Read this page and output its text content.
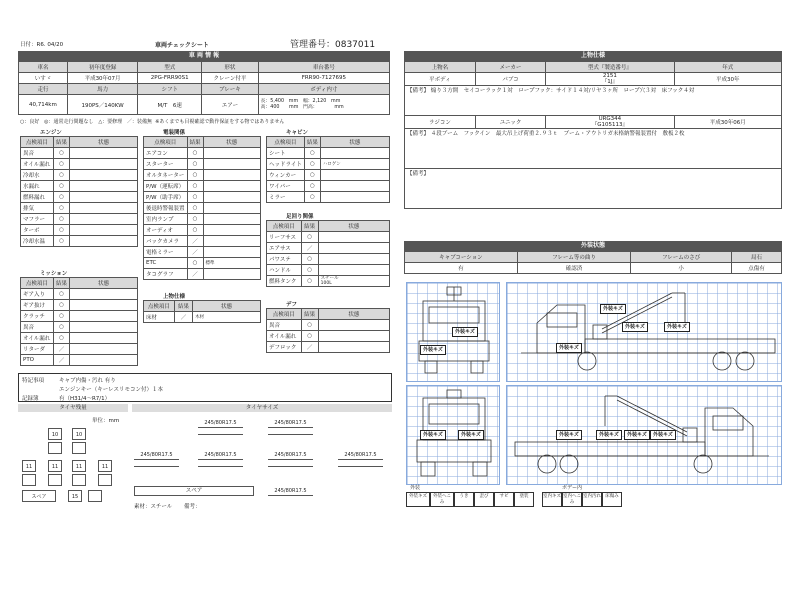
日付：R6. 04/20	車両チェックシート	管理番号：0837011
車 両 情 報
車名	初年度登録	型式	形状	車台番号
いすゞ	平成30年07月	2PG-FRR90S1	クレーン付平	FRR90-7127695
走行	馬力	シフト	ブレーキ	ボディ内寸
40,714km	190PS／140KW	M/T　6速	エアー	長：5,400　mm　幅：2,120　mm
高：400　　mm　門高：　　　　mm
○：良好 ◎：通常走行問題なし △：要修理 ／：装備無 ※あくまでも目視確認で動作保証をする物ではありません
エンジン
点検項目	結果	状態
異音	○	
オイル漏れ	○	
冷却水	○	
水漏れ	○	
燃料漏れ	○	
排気	○	
マフラー	○	
ターボ	○	
冷却水温	○	
ミッション
点検項目	結果	状態
ギア入り	○	
ギア抜け	○	
クラッチ	○	
異音	○	
オイル漏れ	○	
リターダ	／	
PTO	／	
電装関係
点検項目	結果	状態
エアコン	○	
スターター	○	
オルタネーター	○	
P/W（運転席）	○	
P/W（助手席）	○	
後退時警報装置	○	
室内ランプ	○	
オーディオ	○	
バックカメラ	／	
電格ミラー	／	
ETC	○	標準
タコグラフ	／	
上物仕様
点検項目	結果	状態
床材	／	木材
キャビン
点検項目	結果	状態
シート	○	
ヘッドライト	○	ハロゲン
ウィンカー	○	
ワイパー	○	
ミラー	○	
足回り関係
点検項目	結果	状態
リーフサス	○	
エアサス	／	
パワステ	○	
ハンドル	○	
燃料タンク	○	スチール
100L
デフ
点検項目	結果	状態
異音	○	
オイル漏れ	○	
デフロック	／	
特記事項	キャブ内傷・汚れ 有り
エンジンキー（キーレスリモコン付）１本
記録簿	有（H31/4〜R7/1）
タイヤ残量	タイヤサイズ
単位：mm
10	10
11	11	11	11
スペア	15
245/80R17.5	245/80R17.5
245/80R17.5	245/80R17.5	245/80R17.5	245/80R17.5
スペア	245/80R17.5
素材：スチール 備考：
上物仕様
上物名	メーカー	型式『製造番号』	年式
平ボディ	パブコ	2151
『1J』	平成30年
【備考】 煽り３方開　セイコーラック１対　ロープフック：サイド１４対/リヤ３ヶ所　ロープ穴３対　床フック４対			
ラジコン	ユニック	URG344
『G105113』	平成30年06月
【備考】 ４段ブーム　フックイン　最大吊上げ荷重２.９３ｔ　ブーム・アウトリガ未格納警報装置付　敷板２枚			
【備考】			
外装状態
キャブコーション	フレーム等の曲り	フレームのさび	局石
有	確認済	小	点傷有
外装キズ
外装キズ
外装キズ
外装キズ	外装キズ
外装キズ
外装キズ	外装キズ	外装キズ	外装キズ	外装キズ	外装キズ
外装	ボデー内
外装キズ 外装へこみうき 歪び サビ 塗装	室内キズ 室内へこみ室内汚れ 床傷み
